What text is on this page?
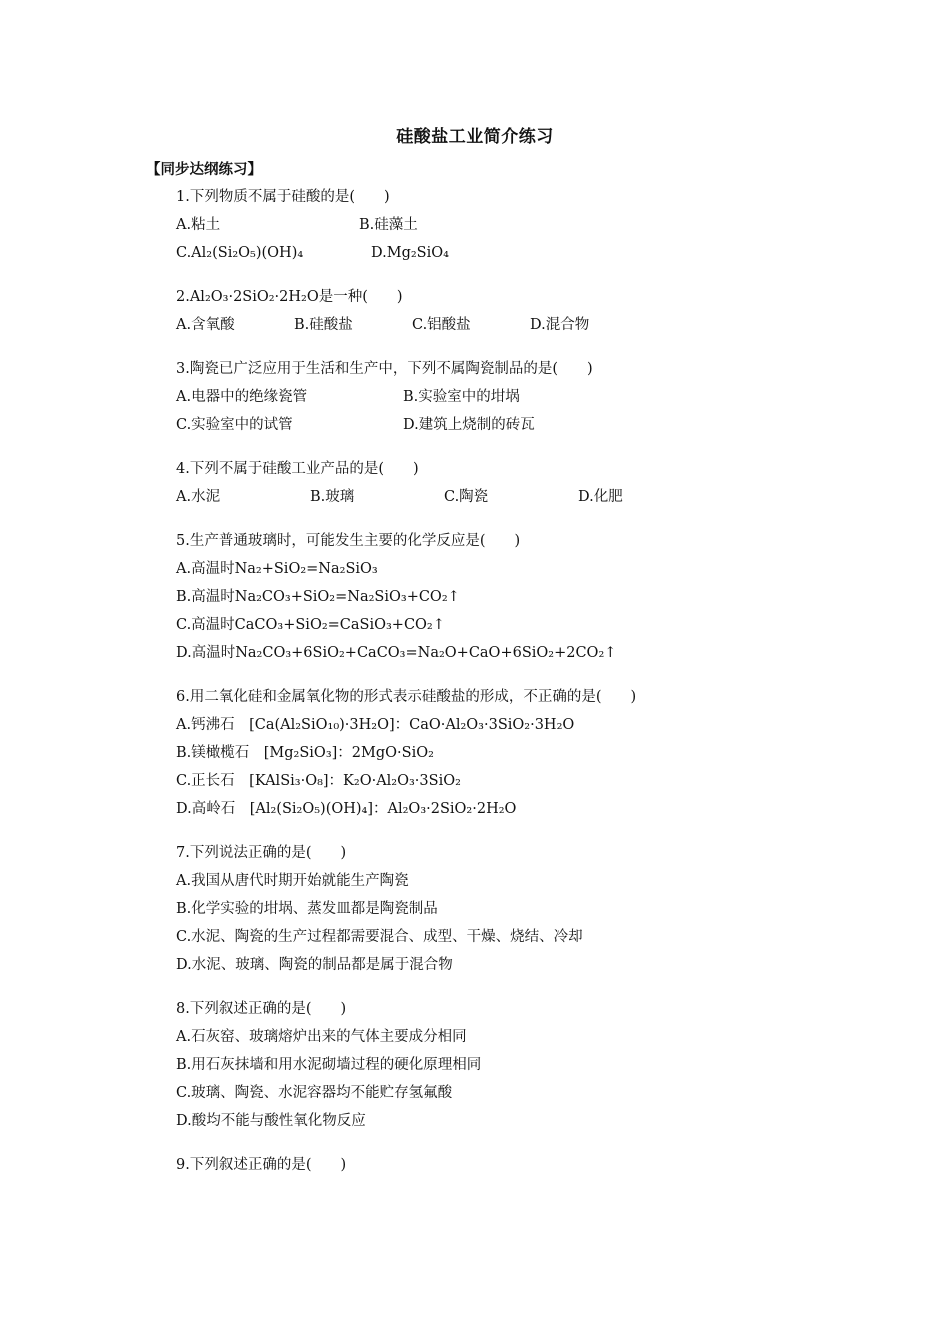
硅酸盐工业简介练习
【同步达纲练习】
1.下列物质不属于硅酸的是(　　)
A.粘土	B.硅藻土
C.Al₂(Si₂O₅)(OH)₄	D.Mg₂SiO₄
2.Al₂O₃·2SiO₂·2H₂O是一种(　　)
A.含氧酸	B.硅酸盐	C.铝酸盐	D.混合物
3.陶瓷已广泛应用于生活和生产中，下列不属陶瓷制品的是(　　)
A.电器中的绝缘瓷管	B.实验室中的坩埚
C.实验室中的试管	D.建筑上烧制的砖瓦
4.下列不属于硅酸工业产品的是(　　)
A.水泥	B.玻璃	C.陶瓷	D.化肥
5.生产普通玻璃时，可能发生主要的化学反应是(　　)
A.高温时Na₂+SiO₂=Na₂SiO₃
B.高温时Na₂CO₃+SiO₂=Na₂SiO₃+CO₂↑
C.高温时CaCO₃+SiO₂=CaSiO₃+CO₂↑
D.高温时Na₂CO₃+6SiO₂+CaCO₃=Na₂O+CaO+6SiO₂+2CO₂↑
6.用二氧化硅和金属氧化物的形式表示硅酸盐的形成，不正确的是(　　)
A.钙沸石　[Ca(Al₂SiO₁₀)·3H₂O]：CaO·Al₂O₃·3SiO₂·3H₂O
B.镁橄榄石　[Mg₂SiO₃]：2MgO·SiO₂
C.正长石　[KAlSi₃·O₈]：K₂O·Al₂O₃·3SiO₂
D.高岭石　[Al₂(Si₂O₅)(OH)₄]：Al₂O₃·2SiO₂·2H₂O
7.下列说法正确的是(　　)
A.我国从唐代时期开始就能生产陶瓷
B.化学实验的坩埚、蒸发皿都是陶瓷制品
C.水泥、陶瓷的生产过程都需要混合、成型、干燥、烧结、冷却
D.水泥、玻璃、陶瓷的制品都是属于混合物
8.下列叙述正确的是(　　)
A.石灰窑、玻璃熔炉出来的气体主要成分相同
B.用石灰抹墙和用水泥砌墙过程的硬化原理相同
C.玻璃、陶瓷、水泥容器均不能贮存氢氟酸
D.酸均不能与酸性氧化物反应
9.下列叙述正确的是(　　)
